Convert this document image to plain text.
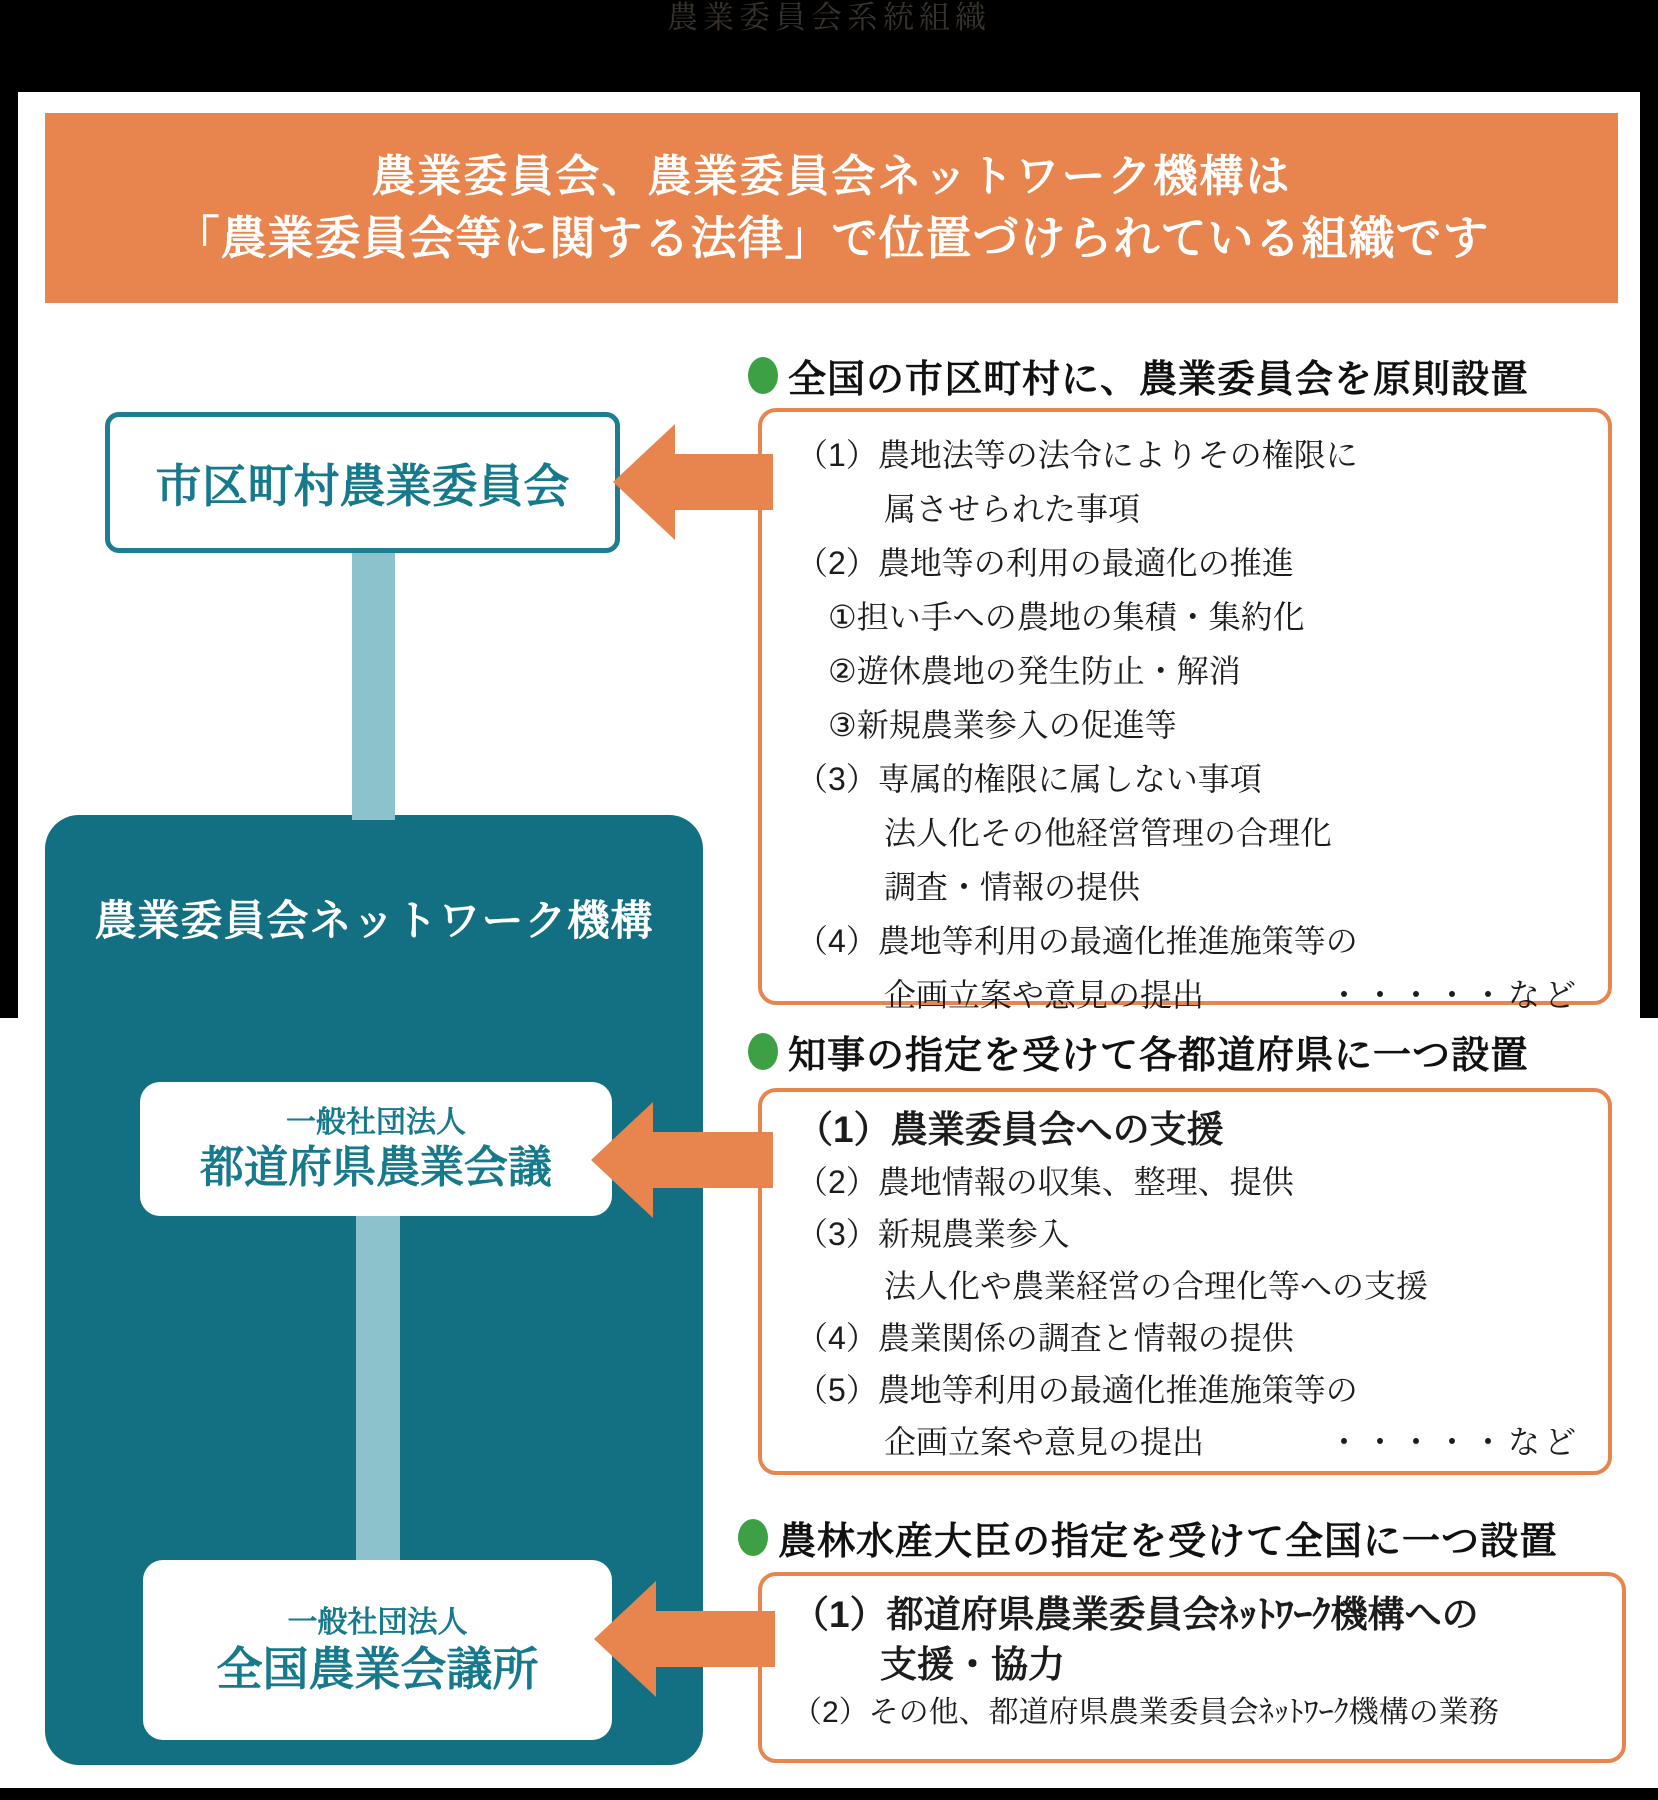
農業委員会系統組織
農業委員会、農業委員会ネットワーク機構は
「農業委員会等に関する法律」で位置づけられている組織です
市区町村農業委員会
農業委員会ネットワーク機構
一般社団法人
都道府県農業会議
一般社団法人
全国農業会議所
全国の市区町村に、農業委員会を原則設置
（1）農地法等の法令によりその権限に
属させられた事項
（2）農地等の利用の最適化の推進
①担い手への農地の集積・集約化
②遊休農地の発生防止・解消
③新規農業参入の促進等
（3）専属的権限に属しない事項
法人化その他経営管理の合理化
調査・情報の提供
（4）農地等利用の最適化推進施策等の
企画立案や意見の提出	・・・・・など
知事の指定を受けて各都道府県に一つ設置
（1）農業委員会への支援
（2）農地情報の収集、整理、提供
（3）新規農業参入
法人化や農業経営の合理化等への支援
（4）農業関係の調査と情報の提供
（5）農地等利用の最適化推進施策等の
企画立案や意見の提出	・・・・・など
農林水産大臣の指定を受けて全国に一つ設置
（1）都道府県農業委員会ﾈｯﾄﾜｰｸ機構への
支援・協力
（2）その他、都道府県農業委員会ﾈｯﾄﾜｰｸ機構の業務
